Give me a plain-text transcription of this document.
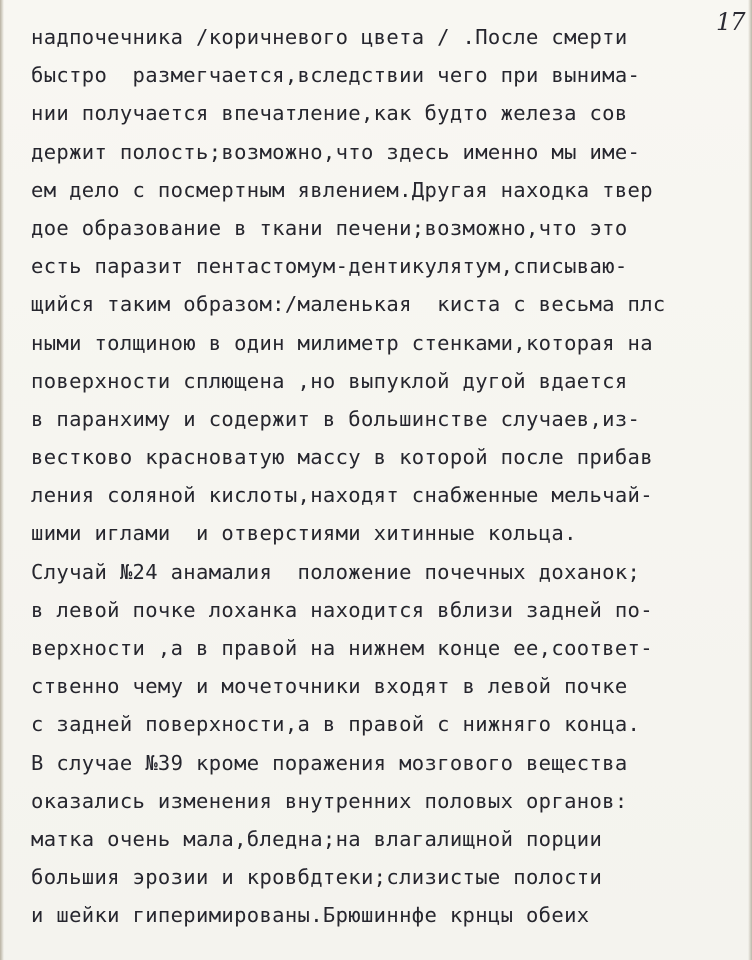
17
надпочечника /коричневого цвета / .После смерти
быстро  размегчается,вследствии чего при вынима-
нии получается впечатление,как будто железа сов
держит полость;возможно,что здесь именно мы име-
ем дело с посмертным явлением.Другая находка твер
дое образование в ткани печени;возможно,что это
есть паразит пентастомум-дентикулятум,списываю-
щийся таким образом:/маленькая  киста с весьма плс
ными толщиною в один милиметр стенками,которая на
поверхности сплющена ,но выпуклой дугой вдается
в паранхиму и содержит в большинстве случаев,из-
вестково красноватую массу в которой после прибав
ления соляной кислоты,находят снабженные мельчай-
шими иглами  и отверстиями хитинные кольца.
Случай №24 анамалия  положение почечных доханок;
в левой почке лоханка находится вблизи задней по-
верхности ,а в правой на нижнем конце ее,соответ-
ственно чему и мочеточники входят в левой почке
с задней поверхности,а в правой с нижняго конца.
В случае №39 кроме поражения мозгового вещества
оказались изменения внутренних половых органов:
матка очень мала,бледна;на влагалищной порции
большия эрозии и кровбдтеки;слизистые полости
и шейки гиперимированы.Брюшиннфе крнцы обеих
